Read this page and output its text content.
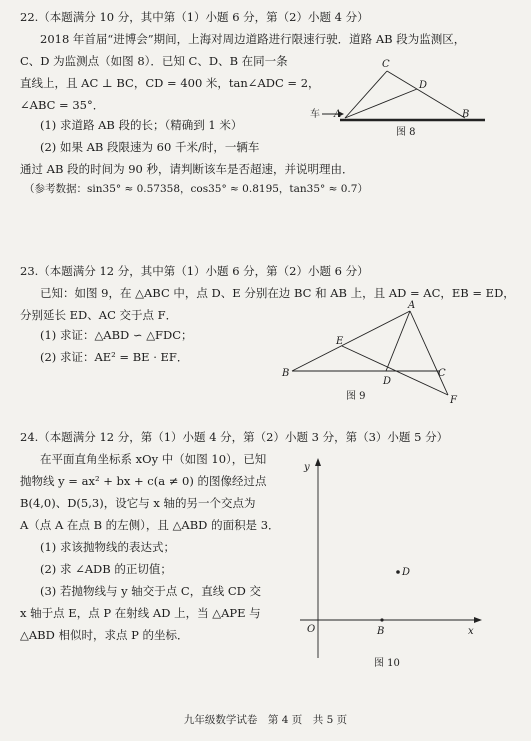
22.（本题满分 10 分，其中第（1）小题 6 分，第（2）小题 4 分）
2018 年首届“进博会”期间，上海对周边道路进行限速行驶．道路 AB 段为监测区，
C、D 为监测点（如图 8）．已知 C、D、B 在同一条
直线上，且 AC ⊥ BC，CD = 400 米，tan∠ADC = 2，
∠ABC = 35°．
(1) 求道路 AB 段的长；（精确到 1 米）
(2) 如果 AB 段限速为 60 千米/时，一辆车
通过 AB 段的时间为 90 秒，请判断该车是否超速，并说明理由．
（参考数据：sin35° ≈ 0.57358，cos35° ≈ 0.8195，tan35° ≈ 0.7）
车 A
C
D
B
图 8
23.（本题满分 12 分，其中第（1）小题 6 分，第（2）小题 6 分）
已知：如图 9，在 △ABC 中，点 D、E 分别在边 BC 和 AB 上，且 AD = AC，EB = ED，
分别延长 ED、AC 交于点 F．
(1) 求证：△ABD ∽ △FDC；
(2) 求证：AE² = BE · EF．
A
E
B
D
C
F
图 9
24.（本题满分 12 分，第（1）小题 4 分，第（2）小题 3 分，第（3）小题 5 分）
在平面直角坐标系 xOy 中（如图 10），已知
抛物线 y = ax² + bx + c(a ≠ 0) 的图像经过点
B(4,0)、D(5,3)，设它与 x 轴的另一个交点为
A（点 A 在点 B 的左侧），且 △ABD 的面积是 3．
(1) 求该抛物线的表达式；
(2) 求 ∠ADB 的正切值；
(3) 若抛物线与 y 轴交于点 C，直线 CD 交
x 轴于点 E，点 P 在射线 AD 上，当 △APE 与
△ABD 相似时，求点 P 的坐标．
y
x
O	B
D
图 10
九年级数学试卷　第 4 页　共 5 页
